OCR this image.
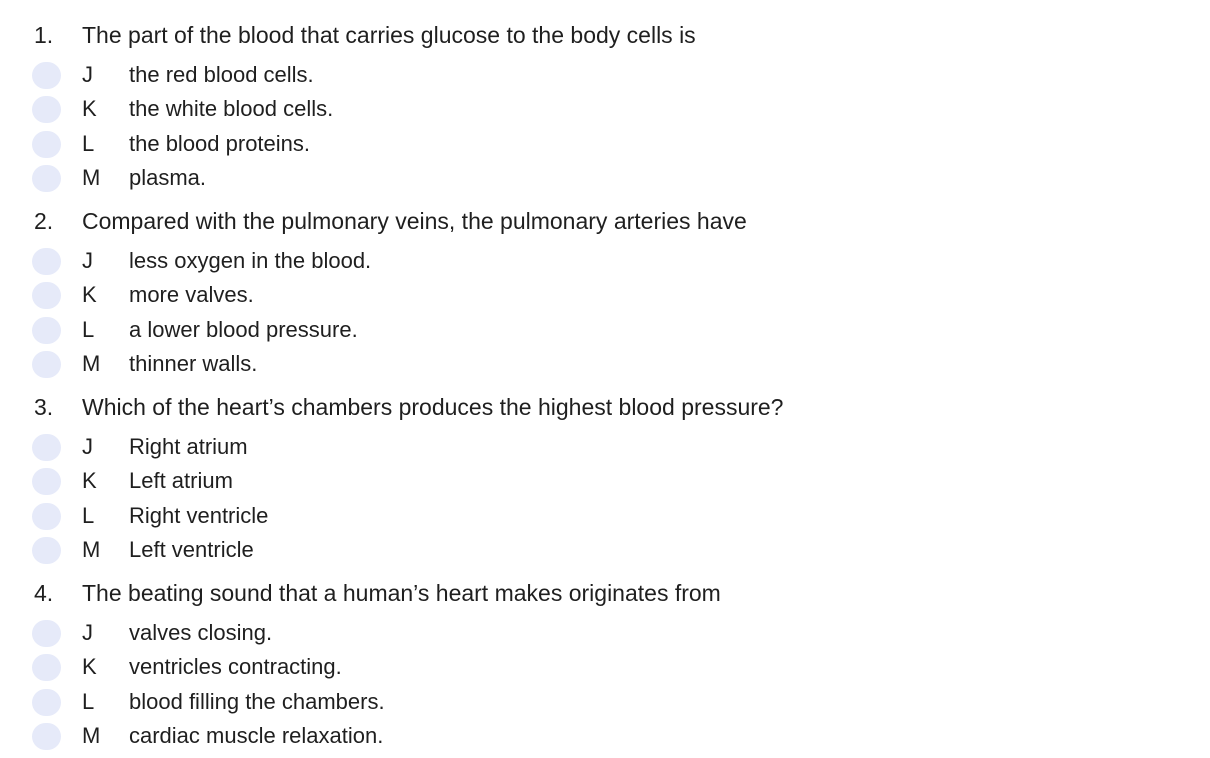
1. The part of the blood that carries glucose to the body cells is
J the red blood cells.
K the white blood cells.
L the blood proteins.
M plasma.
2. Compared with the pulmonary veins, the pulmonary arteries have
J less oxygen in the blood.
K more valves.
L a lower blood pressure.
M thinner walls.
3. Which of the heart’s chambers produces the highest blood pressure?
J Right atrium
K Left atrium
L Right ventricle
M Left ventricle
4. The beating sound that a human’s heart makes originates from
J valves closing.
K ventricles contracting.
L blood filling the chambers.
M cardiac muscle relaxation.
